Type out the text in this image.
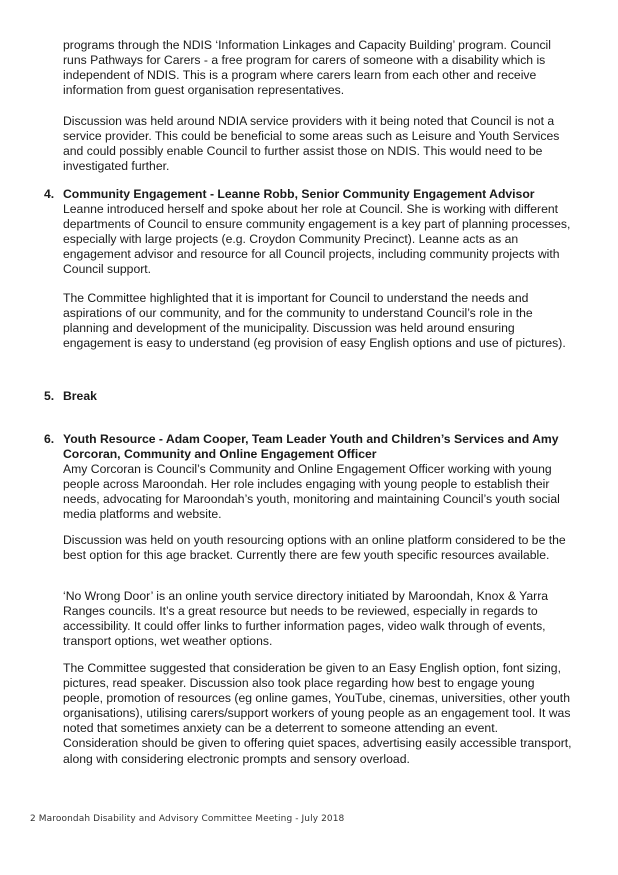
programs through the NDIS ‘Information Linkages and Capacity Building’ program. Council runs Pathways for Carers - a free program for carers of someone with a disability which is independent of NDIS. This is a program where carers learn from each other and receive information from guest organisation representatives.

Discussion was held around NDIA service providers with it being noted that Council is not a service provider. This could be beneficial to some areas such as Leisure and Youth Services and could possibly enable Council to further assist those on NDIS. This would need to be investigated further.

4. Community Engagement - Leanne Robb, Senior Community Engagement Advisor

Leanne introduced herself and spoke about her role at Council. She is working with different departments of Council to ensure community engagement is a key part of planning processes, especially with large projects (e.g. Croydon Community Precinct). Leanne acts as an engagement advisor and resource for all Council projects, including community projects with Council support.

The Committee highlighted that it is important for Council to understand the needs and aspirations of our community, and for the community to understand Council’s role in the planning and development of the municipality. Discussion was held around ensuring engagement is easy to understand (eg provision of easy English options and use of pictures).

5. Break

6. Youth Resource - Adam Cooper, Team Leader Youth and Children’s Services and Amy Corcoran, Community and Online Engagement Officer

Amy Corcoran is Council’s Community and Online Engagement Officer working with young people across Maroondah. Her role includes engaging with young people to establish their needs, advocating for Maroondah’s youth, monitoring and maintaining Council’s youth social media platforms and website.

Discussion was held on youth resourcing options with an online platform considered to be the best option for this age bracket. Currently there are few youth specific resources available.

‘No Wrong Door’ is an online youth service directory initiated by Maroondah, Knox & Yarra Ranges councils. It’s a great resource but needs to be reviewed, especially in regards to accessibility. It could offer links to further information pages, video walk through of events, transport options, wet weather options.

The Committee suggested that consideration be given to an Easy English option, font sizing, pictures, read speaker. Discussion also took place regarding how best to engage young people, promotion of resources (eg online games, YouTube, cinemas, universities, other youth organisations), utilising carers/support workers of young people as an engagement tool. It was noted that sometimes anxiety can be a deterrent to someone attending an event. Consideration should be given to offering quiet spaces, advertising easily accessible transport, along with considering electronic prompts and sensory overload.

2 Maroondah Disability and Advisory Committee Meeting - July 2018
